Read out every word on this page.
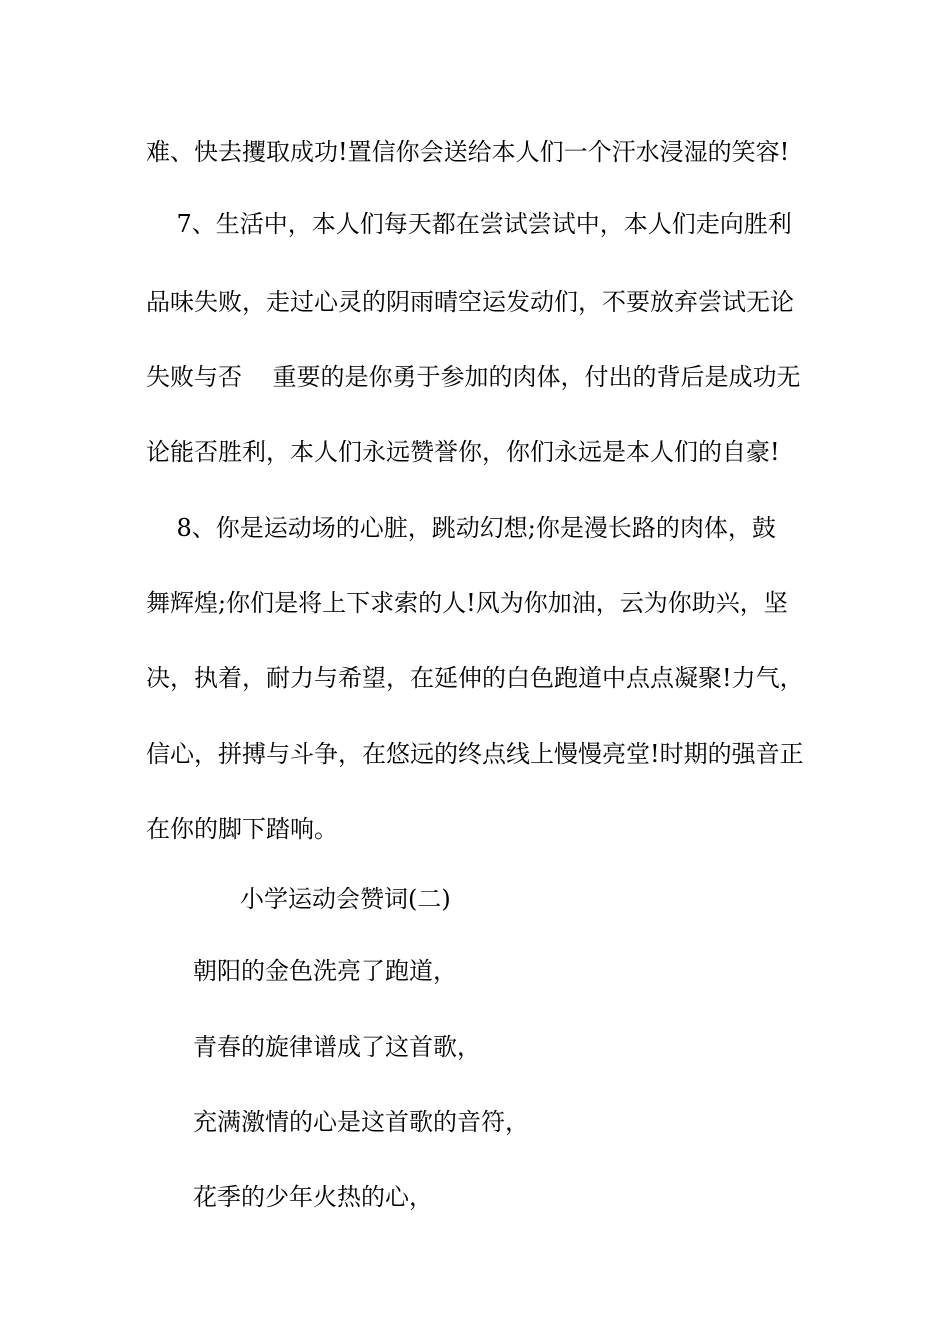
难、快去攫取成功!置信你会送给本人们一个汗水浸湿的笑容!
7、生活中，本人们每天都在尝试尝试中，本人们走向胜利
品味失败，走过心灵的阴雨晴空运发动们，不要放弃尝试无论
失败与否    重要的是你勇于参加的肉体，付出的背后是成功无
论能否胜利，本人们永远赞誉你，你们永远是本人们的自豪!
8、你是运动场的心脏，跳动幻想;你是漫长路的肉体，鼓
舞辉煌;你们是将上下求索的人!风为你加油，云为你助兴，坚
决，执着，耐力与希望，在延伸的白色跑道中点点凝聚!力气，
信心，拼搏与斗争，在悠远的终点线上慢慢亮堂!时期的强音正
在你的脚下踏响。
小学运动会赞词(二)
朝阳的金色洗亮了跑道，
青春的旋律谱成了这首歌，
充满激情的心是这首歌的音符，
花季的少年火热的心，
